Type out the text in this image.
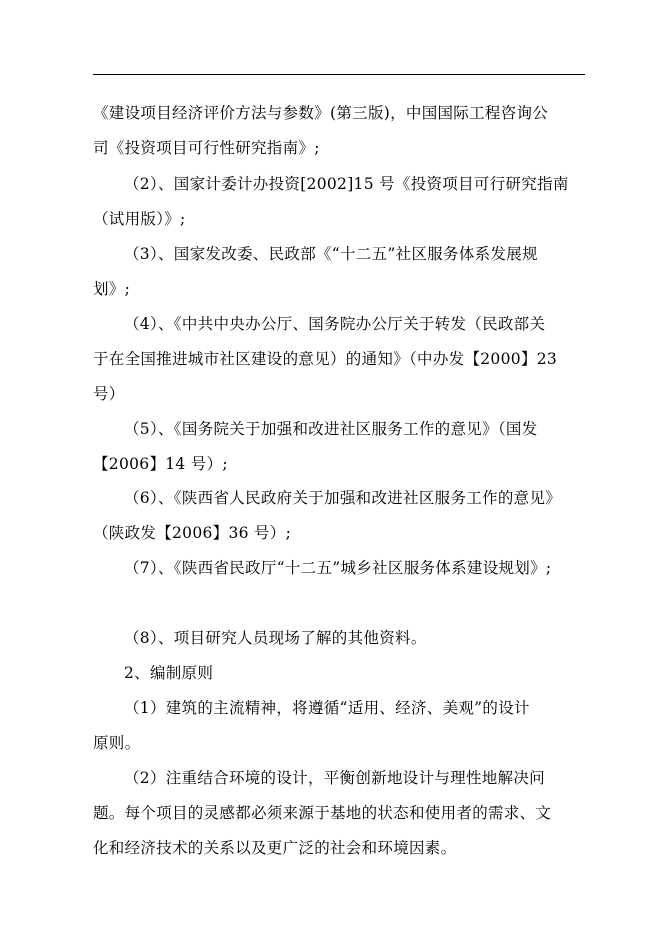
《建设项目经济评价方法与参数》(第三版)，中国国际工程咨询公
司《投资项目可行性研究指南》;
（2）、国家计委计办投资[2002]15 号《投资项目可行研究指南
（试用版）》;
（3）、国家发改委、民政部《“十二五”社区服务体系发展规
划》;
（4）、《中共中央办公厅、国务院办公厅关于转发（民政部关
于在全国推进城市社区建设的意见）的通知》（中办发【2000】23
号）
（5）、《国务院关于加强和改进社区服务工作的意见》（国发
【2006】14 号）;
（6）、《陕西省人民政府关于加强和改进社区服务工作的意见》
（陕政发【2006】36 号）;
（7）、《陕西省民政厅“十二五”城乡社区服务体系建设规划》;
（8）、项目研究人员现场了解的其他资料。
2、编制原则
（1）建筑的主流精神，将遵循“适用、经济、美观”的设计
原则。
（2）注重结合环境的设计，平衡创新地设计与理性地解决问
题。每个项目的灵感都必须来源于基地的状态和使用者的需求、文
化和经济技术的关系以及更广泛的社会和环境因素。
